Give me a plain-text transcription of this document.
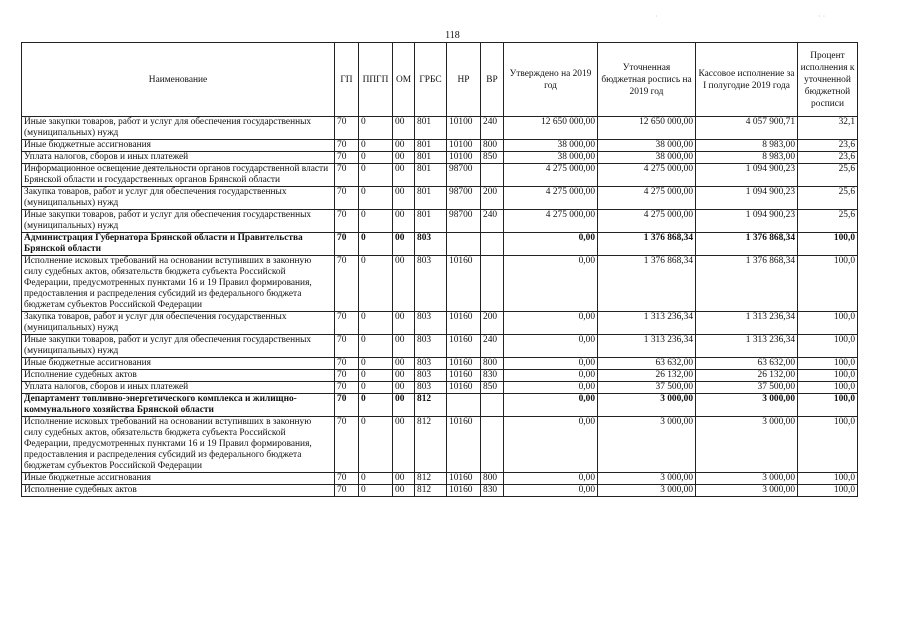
118
Наименование	ГП	ППГП	ОМ	ГРБС	НР	ВР	Утверждено на 2019 год	Уточненная бюджетная роспись на 2019 год	Кассовое исполнение за I полугодие 2019 года	Процент исполнения к уточненной бюджетной росписи
Иные закупки товаров, работ и услуг для обеспечения государственных (муниципальных) нужд	70	0	00	801	10100	240	12 650 000,00	12 650 000,00	4 057 900,71	32,1
Иные бюджетные ассигнования	70	0	00	801	10100	800	38 000,00	38 000,00	8 983,00	23,6
Уплата налогов, сборов и иных платежей	70	0	00	801	10100	850	38 000,00	38 000,00	8 983,00	23,6
Информационное освещение деятельности органов государственной власти Брянской области и государственных органов Брянской области	70	0	00	801	98700		4 275 000,00	4 275 000,00	1 094 900,23	25,6
Закупка товаров, работ и услуг для обеспечения государственных (муниципальных) нужд	70	0	00	801	98700	200	4 275 000,00	4 275 000,00	1 094 900,23	25,6
Иные закупки товаров, работ и услуг для обеспечения государственных (муниципальных) нужд	70	0	00	801	98700	240	4 275 000,00	4 275 000,00	1 094 900,23	25,6
Администрация Губернатора Брянской области и Правительства Брянской области	70	0	00	803			0,00	1 376 868,34	1 376 868,34	100,0
Исполнение исковых требований на основании вступивших в законную силу судебных актов, обязательств бюджета субъекта Российской Федерации, предусмотренных пунктами 16 и 19 Правил формирования, предоставления и распределения субсидий из федерального бюджета бюджетам субъектов Российской Федерации	70	0	00	803	10160		0,00	1 376 868,34	1 376 868,34	100,0
Закупка товаров, работ и услуг для обеспечения государственных (муниципальных) нужд	70	0	00	803	10160	200	0,00	1 313 236,34	1 313 236,34	100,0
Иные закупки товаров, работ и услуг для обеспечения государственных (муниципальных) нужд	70	0	00	803	10160	240	0,00	1 313 236,34	1 313 236,34	100,0
Иные бюджетные ассигнования	70	0	00	803	10160	800	0,00	63 632,00	63 632,00	100,0
Исполнение судебных актов	70	0	00	803	10160	830	0,00	26 132,00	26 132,00	100,0
Уплата налогов, сборов и иных платежей	70	0	00	803	10160	850	0,00	37 500,00	37 500,00	100,0
Департамент топливно-энергетического комплекса и жилищно-коммунального хозяйства Брянской области	70	0	00	812			0,00	3 000,00	3 000,00	100,0
Исполнение исковых требований на основании вступивших в законную силу судебных актов, обязательств бюджета субъекта Российской Федерации, предусмотренных пунктами 16 и 19 Правил формирования, предоставления и распределения субсидий из федерального бюджета бюджетам субъектов Российской Федерации	70	0	00	812	10160		0,00	3 000,00	3 000,00	100,0
Иные бюджетные ассигнования	70	0	00	812	10160	800	0,00	3 000,00	3 000,00	100,0
Исполнение судебных актов	70	0	00	812	10160	830	0,00	3 000,00	3 000,00	100,0
·	· ·
